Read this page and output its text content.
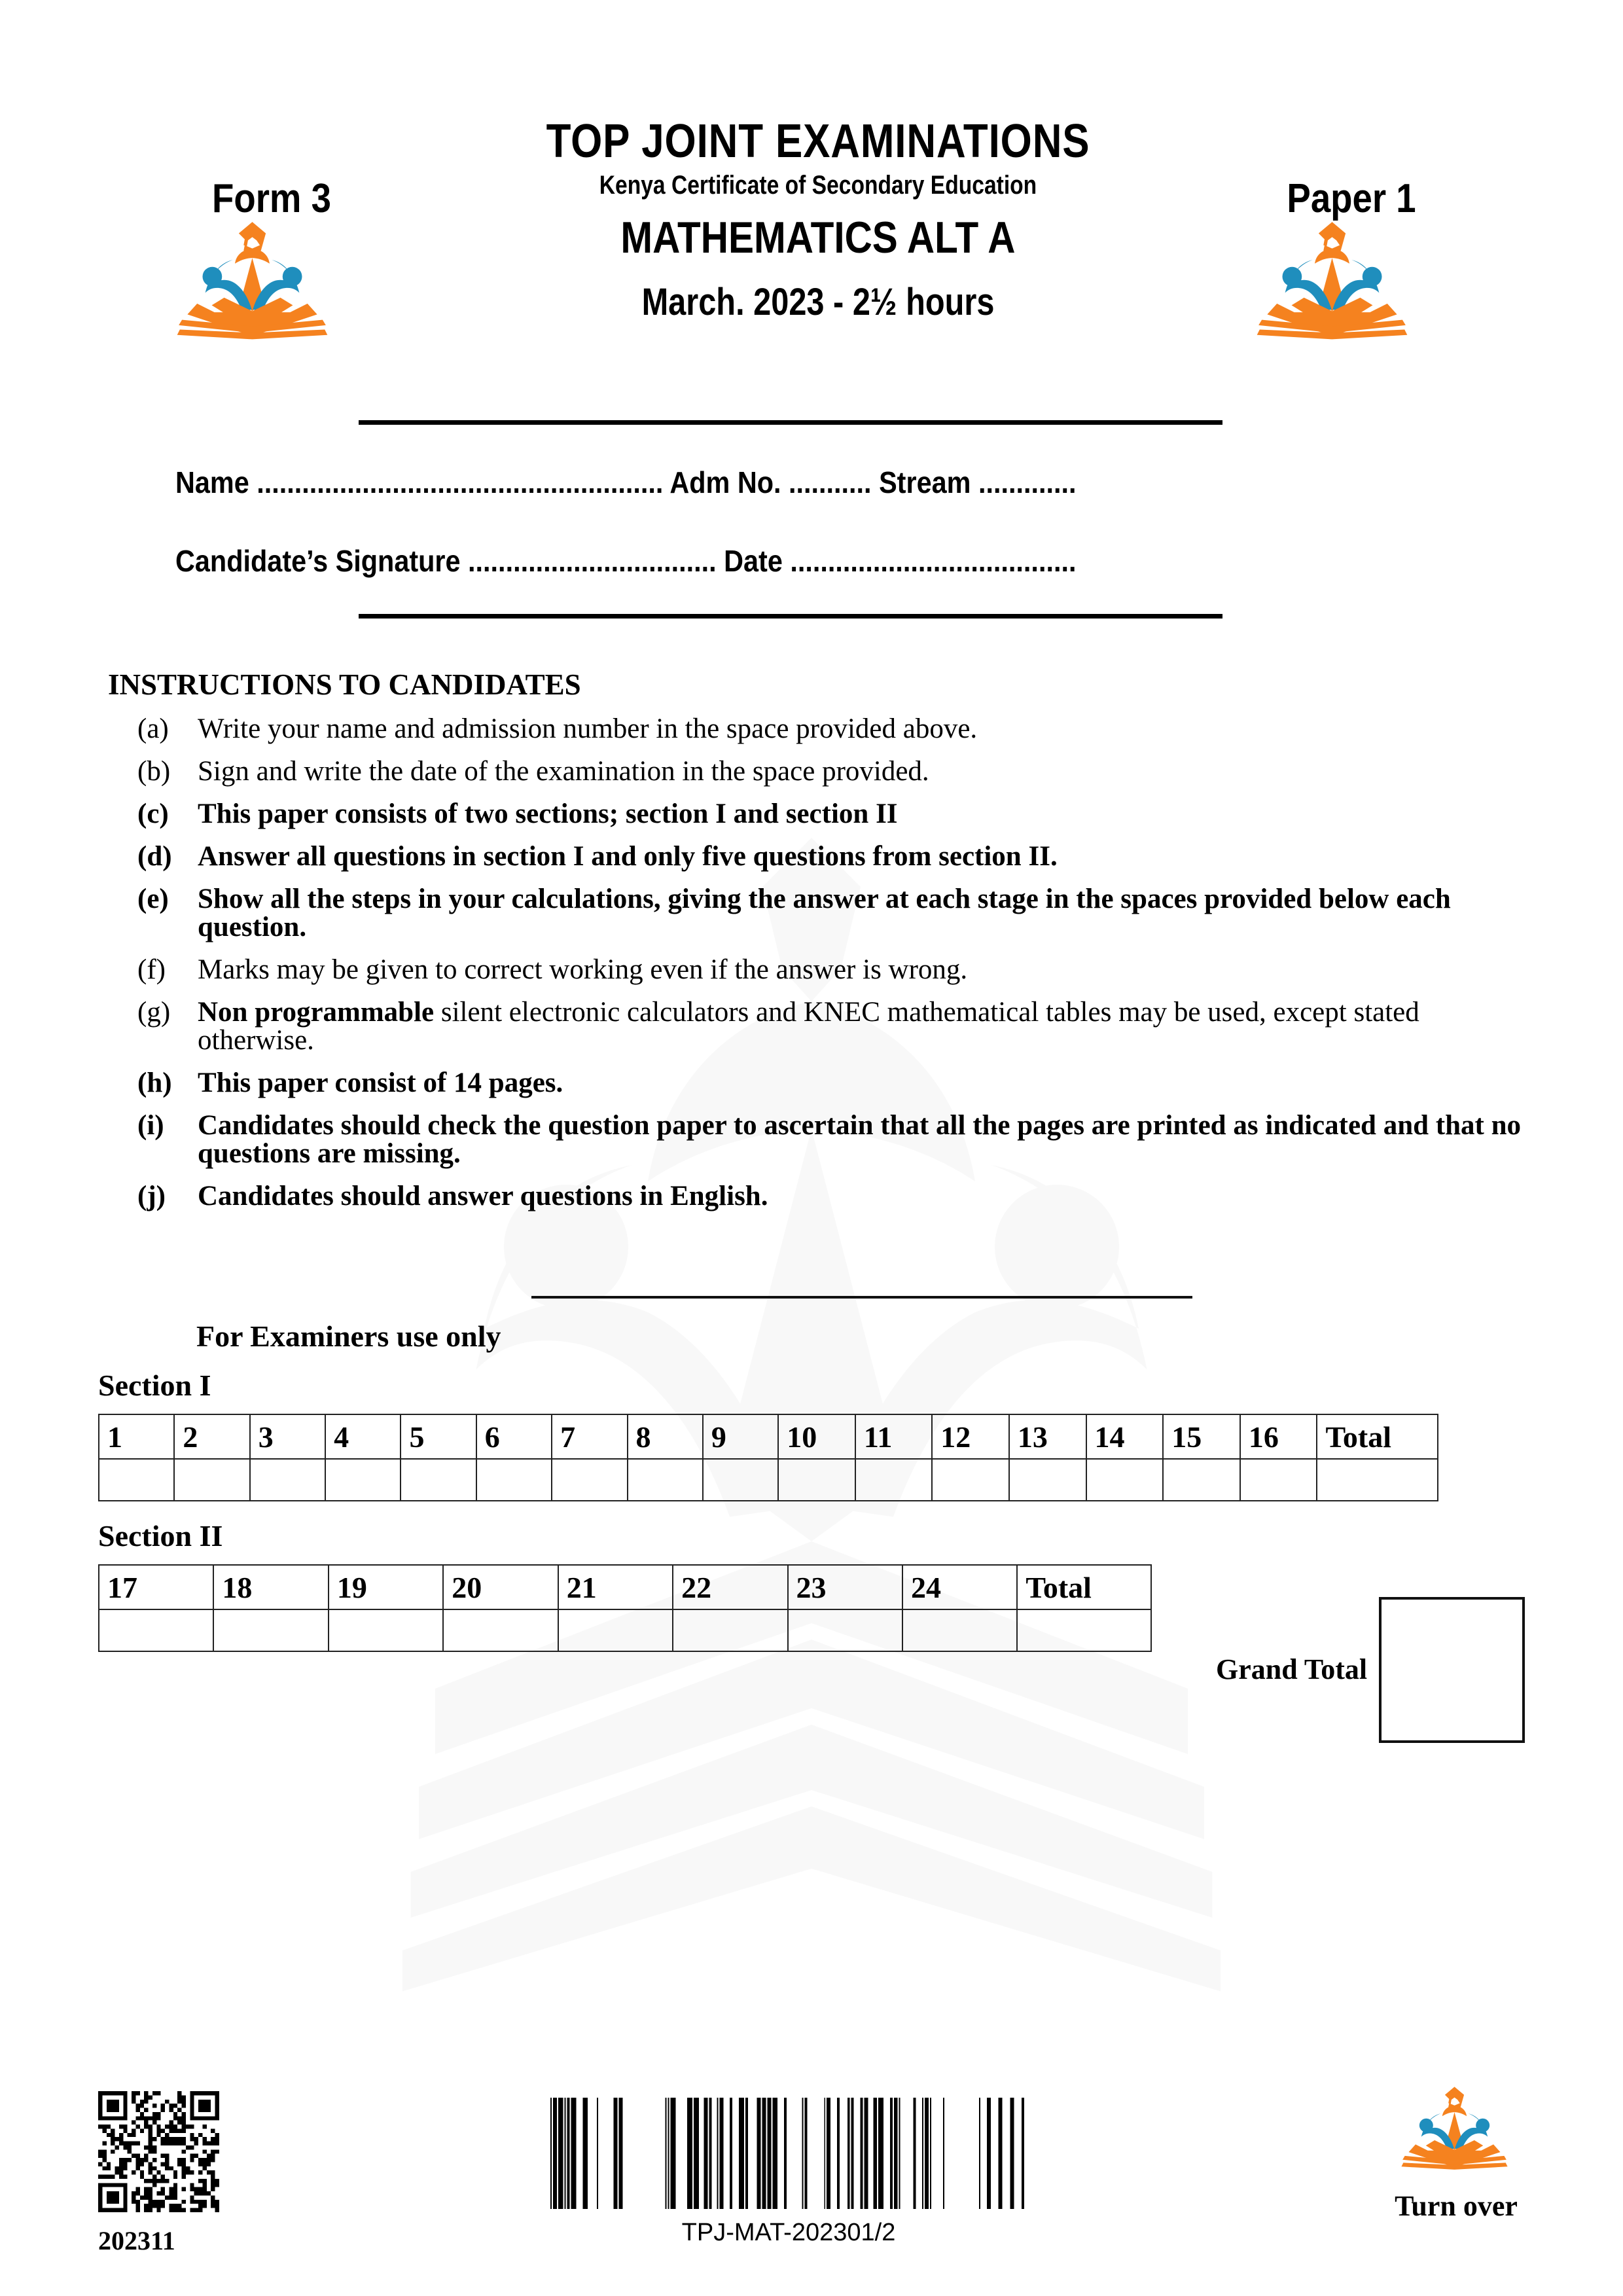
Form 3
TOP JOINT EXAMINATIONS
Kenya Certificate of Secondary Education
MATHEMATICS ALT A
March. 2023 - 2½ hours
Paper 1
Name ...................................................... Adm No. ........... Stream .............
Candidate’s Signature ................................. Date ......................................
INSTRUCTIONS TO CANDIDATES
(a) Write your name and admission number in the space provided above.
(b) Sign and write the date of the examination in the space provided.
(c) This paper consists of two sections; section I and section II
(d) Answer all questions in section I and only five questions from section II.
(e) Show all the steps in your calculations, giving the answer at each stage in the spaces provided below each question.
(f) Marks may be given to correct working even if the answer is wrong.
(g) Non programmable silent electronic calculators and KNEC mathematical tables may be used, except stated otherwise.
(h) This paper consist of 14 pages.
(i) Candidates should check the question paper to ascertain that all the pages are printed as indicated and that no questions are missing.
(j) Candidates should answer questions in English.
For Examiners use only
Section I
1	2	3	4	5	6	7	8	9	10	11	12	13	14	15	16	Total

Section II
17	18	19	20	21	22	23	24	Total

Grand Total
202311	TPJ-MAT-202301/2
Turn over
